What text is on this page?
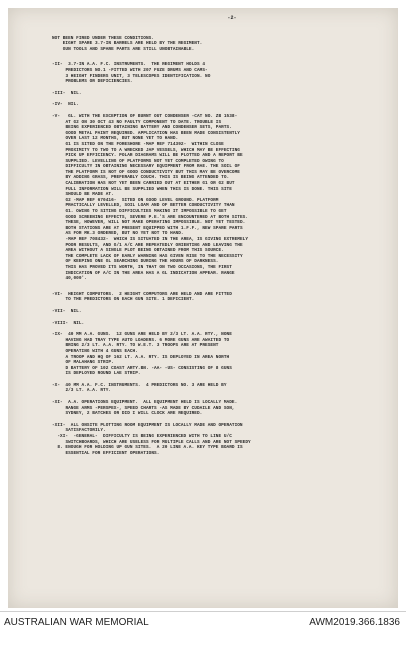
-2-

NOT BEEN FIRED UNDER THESE CONDITIONS.
EIGHT SPARE 3.7-IN BARRELS ARE HELD BY THE REGIMENT.
GUN TOOLS AND SPARE PARTS ARE STILL UNOBTAINABLE.

-II-  3.7-IN A.A. F.C. INSTRUMENTS.  THE REGIMENT HOLDS 4
PREDICTORS NO.1 -FITTED WITH 207 FUZE DRUMS AND CAMS-
3 HEIGHT FINDERS UNIT, 3 TELESCOPES IDENTIFICATION. NO
PROBLEMS OR DEFICIENCIES.

-III-  NIL.

-IV-  NIL.

-V-   GL. WITH THE EXCEPTION OF BURNT OUT CONDENSER -CAT NO. ZB 1538-
AT G2 ON 30 OCT 43 NO FAULTY COMPONENT TO DATE. TROUBLE IS
BEING EXPERIENCED OBTAINING BATTERY AND CONDENSER SETS, PARTS.
GOOD METAL PAINT REQUIRED. APPLICATION HAS BEEN MADE CONSISTENTLY
OVER LAST 12 MONTHS, BUT NONE YET TO HAND.
G1 IS SITED ON THE FORESHORE -MAP REF 714392-  WITHIN CLOSE
PROXIMITY TO TWO TO A WRECKED JAP VESSELS, WHICH MAY BE EFFECTING
PICK UP EFFICIENCY. POLAR DIAGRAMS WILL BE PLOTTED AND A REPORT BE
SUPPLIED. LEVELLING OF PLATFORMS NOT YET COMPLETED OWING TO
DIFFICULTY IN OBTAINING NECESSARY EQUIPMENT FROM RAE. THE SOIL OF
THE PLATFORM IS NOT OF GOOD CONDUCTIVITY BUT THIS MAY BE OVERCOME
BY ADDING GRASS, PREFERABLY COUCH. THIS IS BEING ATTENDED TO.
CALIBRATION HAS NOT YET BEEN CARRIED OUT AT EITHER G1 OR G2 BUT
FULL INFORMATION WILL BE SUPPLIED WHEN THIS IS DONE. THIS SITE
SHOULD BE MADE AT.
G2 -MAP REF 670416-  SITED ON GOOD LEVEL GROUND. PLATFORM
PRACTICALLY LEVELLED, SOIL LOAM AND OF BETTER CONDUCTIVITY THAN
G1. OWING TO SITING DIFFICULTIES MAKING IT IMPOSSIBLE TO GET
GOOD SCREENING EFFECTS, SEVERE P.E.'S ARE ENCOUNTERED AT BOTH SITES.
THESE, HOWEVER, WILL NOT MAKE OPERATING IMPOSSIBLE. NOT YET TESTED.
BOTH STATIONS ARE AT PRESENT EQUIPPED WITH 1.F.F., NEW SPARE PARTS
AS FOR MK.3 ORDERED, BUT NO YET NOT TO HAND.
-MAP REF 708432-  WHICH IS SITUATED IN THE AREA, IS GIVING EXTREMELY
POOR RESULTS, AND G/1 A/C ARE REPEATEDLY ORIENTING AND LEAVING THE
AREA WITHOUT A SINGLE PLOT BEING OBTAINED FROM THIS SOURCE.
THE COMPLETE LACK OF EARLY WARNING HAS GIVEN RISE TO THE NECESSITY
OF KEEPING ONE GL SEARCHING DURING THE HOURS OF DARKNESS.
THIS HAS PROVED ITS WORTH, IN THAT ON TWO OCCASIONS, THE FIRST
INDICATION OF A/C IN THE AREA HAS A GL INDICATION APPEAR. RANGE
40,000'.

-VI-  HEIGHT COMPUTORS.  2 HEIGHT COMPUTORS ARE HELD AND ARE FITTED
TO THE PREDICTORS ON EACH GUN SITE. 1 DEFICIENT.

-VII-  NIL.

-VIII-  NIL.

-IX-  40 MM A.A. GUNS.  12 GUNS ARE HELD BY 2/3 LT. A.A. RTY., NONE
HAVING HAD TRAY TYPE AUTO LOADERS. 6 MORE GUNS ARE AWAITED TO
BRING 2/3 LT. A.A. RTY. TO W.E.T. 3 TROOPS ARE AT PRESENT
OPERATING WITH 4 GUNS EACH.
A TROOP AND HQ OF 162 LT. A.A. RTY. IS DEPLOYED IN AREA NORTH
OF MALAHANG STRIP.
D BATTERY OF 102 COAST ARTY.BN. -AA- -US- CONSISTING OF 8 GUNS
IS DEPLOYED ROUND LAE STRIP.

-X-  40 MM A.A. F.C. INSTRUMENTS.  4 PREDICTORS NO. 3 ARE HELD BY
2/3 LT. A.A. RTY.

-XI-  A.A. OPERATIONS EQUIPMENT.  ALL EQUIPMENT HELD IS LOCALLY MADE.
RANGE ARMS -PERSPEX-, SPEED CHARTS -AS MADE BY CUDAILE AND SON,
SYDNEY, 2 BATCHES OR DID I WILL CLOCK ARE REQUIRED.

-XII-  ALL ONSITE PLOTTING ROOM EQUIPMENT IS LOCALLY MADE AND OPERATION
SATISFACTORILY.
-XI-  -GENERAL-  DIFFICULTY IS BEING EXPERIENCED WITH TO LINE U/C
SWITCHBOARDS, WHICH ARE USELESS FOR MULTIPLE CALLS AND ARE NOT SPEEDY
8. ENOUGH FOR HOLDING UP GUN SITES.  A 20 LINE A.A. KEY TYPE BOARD IS
ESSENTIAL FOR EFFICIENT OPERATIONS.

AUSTRALIAN WAR MEMORIAL	AWM2019.366.1836
